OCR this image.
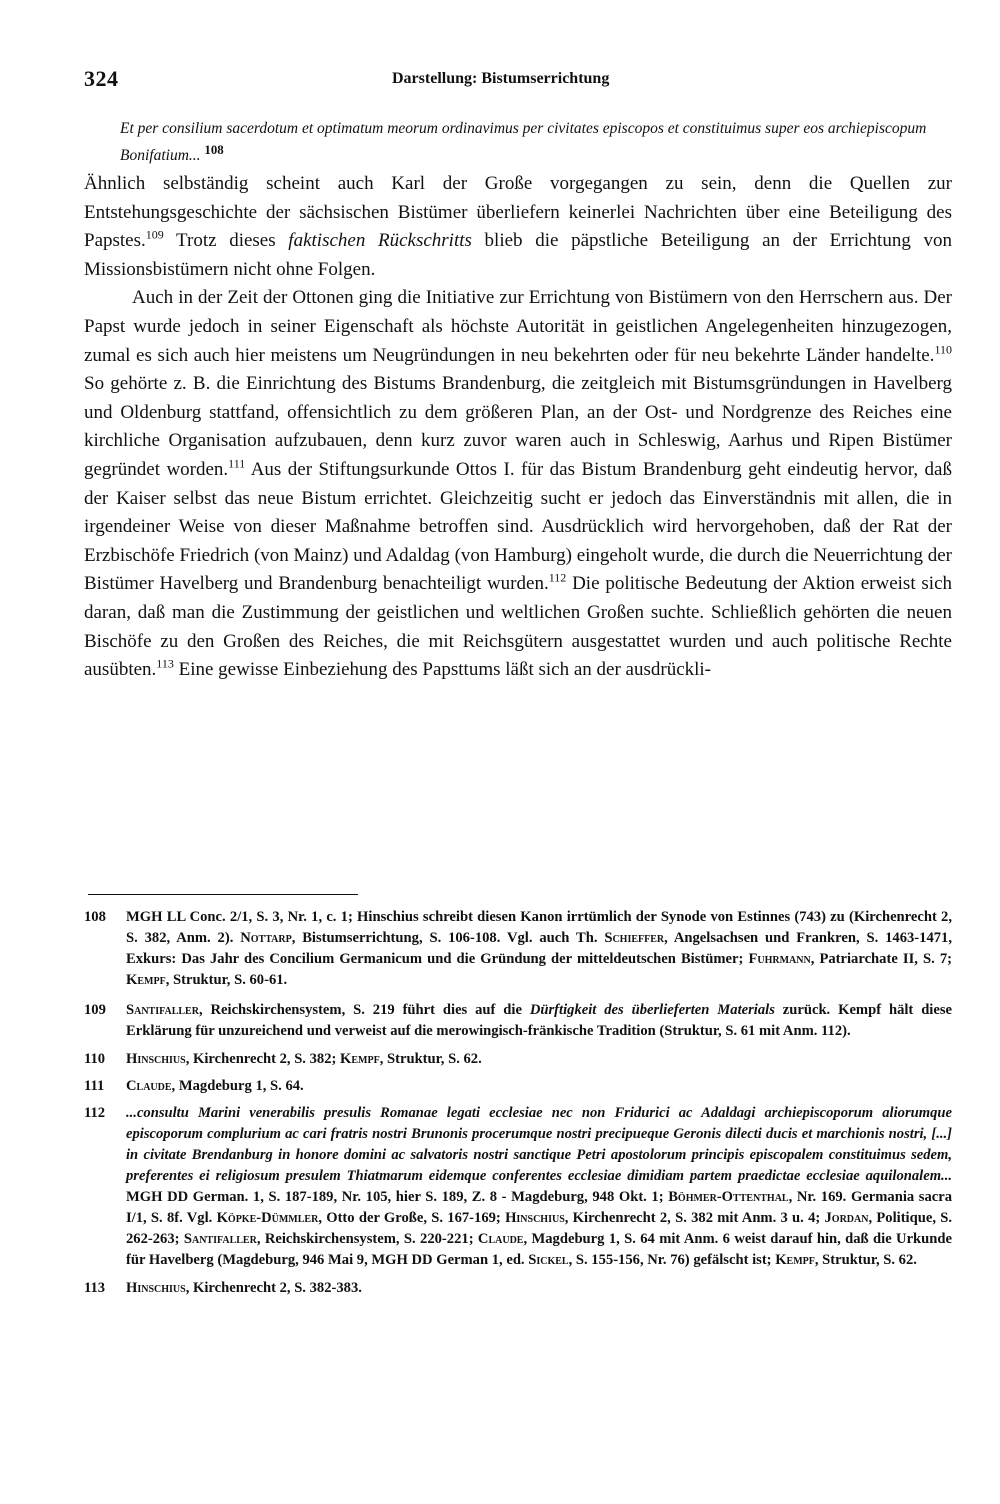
324	Darstellung: Bistumserrichtung
Et per consilium sacerdotum et optimatum meorum ordinavimus per civitates episcopos et constituimus super eos archiepiscopum Bonifatium... $^{108}$

Ähnlich selbständig scheint auch Karl der Große vorgegangen zu sein, denn die Quellen zur Entstehungsgeschichte der sächsischen Bistümer überliefern keinerlei Nachrichten über eine Beteiligung des Papstes.$^{109}$ Trotz dieses faktischen Rückschritts blieb die päpstliche Beteiligung an der Errichtung von Missionsbistümern nicht ohne Folgen.

Auch in der Zeit der Ottonen ging die Initiative zur Errichtung von Bistümern von den Herrschern aus. Der Papst wurde jedoch in seiner Eigenschaft als höchste Autorität in geistlichen Angelegenheiten hinzugezogen, zumal es sich auch hier meistens um Neugründungen in neu bekehrten oder für neu bekehrte Länder handelte.$^{110}$ So gehörte z. B. die Einrichtung des Bistums Brandenburg, die zeitgleich mit Bistumsgründungen in Havelberg und Oldenburg stattfand, offensichtlich zu dem größeren Plan, an der Ost- und Nordgrenze des Reiches eine kirchliche Organisation aufzubauen, denn kurz zuvor waren auch in Schleswig, Aarhus und Ripen Bistümer gegründet worden.$^{111}$ Aus der Stiftungsurkunde Ottos I. für das Bistum Brandenburg geht eindeutig hervor, daß der Kaiser selbst das neue Bistum errichtet. Gleichzeitig sucht er jedoch das Einverständnis mit allen, die in irgendeiner Weise von dieser Maßnahme betroffen sind. Ausdrücklich wird hervorgehoben, daß der Rat der Erzbischöfe Friedrich (von Mainz) und Adaldag (von Hamburg) eingeholt wurde, die durch die Neuerrichtung der Bistümer Havelberg und Brandenburg benachteiligt wurden.$^{112}$ Die politische Bedeutung der Aktion erweist sich daran, daß man die Zustimmung der geistlichen und weltlichen Großen suchte. Schließlich gehörten die neuen Bischöfe zu den Großen des Reiches, die mit Reichsgütern ausgestattet wurden und auch politische Rechte ausübten.$^{113}$ Eine gewisse Einbeziehung des Papsttums läßt sich an der ausdrückli-

108 MGH LL Conc. 2/1, S. 3, Nr. 1, c. 1; Hinschius schreibt diesen Kanon irrtümlich der Synode von Estinnes (743) zu (Kirchenrecht 2, S. 382, Anm. 2). Nottarp, Bistumserrichtung, S. 106-108. Vgl. auch Th. Schieffer, Angelsachsen und Frankren, S. 1463-1471, Exkurs: Das Jahr des Concilium Germanicum und die Gründung der mitteldeutschen Bistümer; Fuhrmann, Patriarchate II, S. 7; Kempf, Struktur, S. 60-61.

109 Santifaller, Reichskirchensystem, S. 219 führt dies auf die Dürftigkeit des überlieferten Materials zurück. Kempf hält diese Erklärung für unzureichend und verweist auf die merowingisch-fränkische Tradition (Struktur, S. 61 mit Anm. 112).

110 Hinschius, Kirchenrecht 2, S. 382; Kempf, Struktur, S. 62.

111 Claude, Magdeburg 1, S. 64.

112 ...consultu Marini venerabilis presulis Romanae legati ecclesiae nec non Fridurici ac Adaldagi archiepiscoporum aliorumque episcoporum complurium ac cari fratris nostri Brunonis procerumque nostri precipueque Geronis dilecti ducis et marchionis nostri, [...] in civitate Brendanburg in honore domini ac salvatoris nostri sanctique Petri apostolorum principis episcopalem constituimus sedem, preferentes ei religiosum presulem Thiatmarum eidemque conferentes ecclesiae dimidiam partem praedictae ecclesiae aquilonalem... MGH DD German. 1, S. 187-189, Nr. 105, hier S. 189, Z. 8 - Magdeburg, 948 Okt. 1; Böhmer-Ottenthal, Nr. 169. Germania sacra I/1, S. 8f. Vgl. Köpke-Dümmler, Otto der Große, S. 167-169; Hinschius, Kirchenrecht 2, S. 382 mit Anm. 3 u. 4; Jordan, Politique, S. 262-263; Santifaller, Reichskirchensystem, S. 220-221; Claude, Magdeburg 1, S. 64 mit Anm. 6 weist darauf hin, daß die Urkunde für Havelberg (Magdeburg, 946 Mai 9, MGH DD German 1, ed. Sickel, S. 155-156, Nr. 76) gefälscht ist; Kempf, Struktur, S. 62.

113 Hinschius, Kirchenrecht 2, S. 382-383.
